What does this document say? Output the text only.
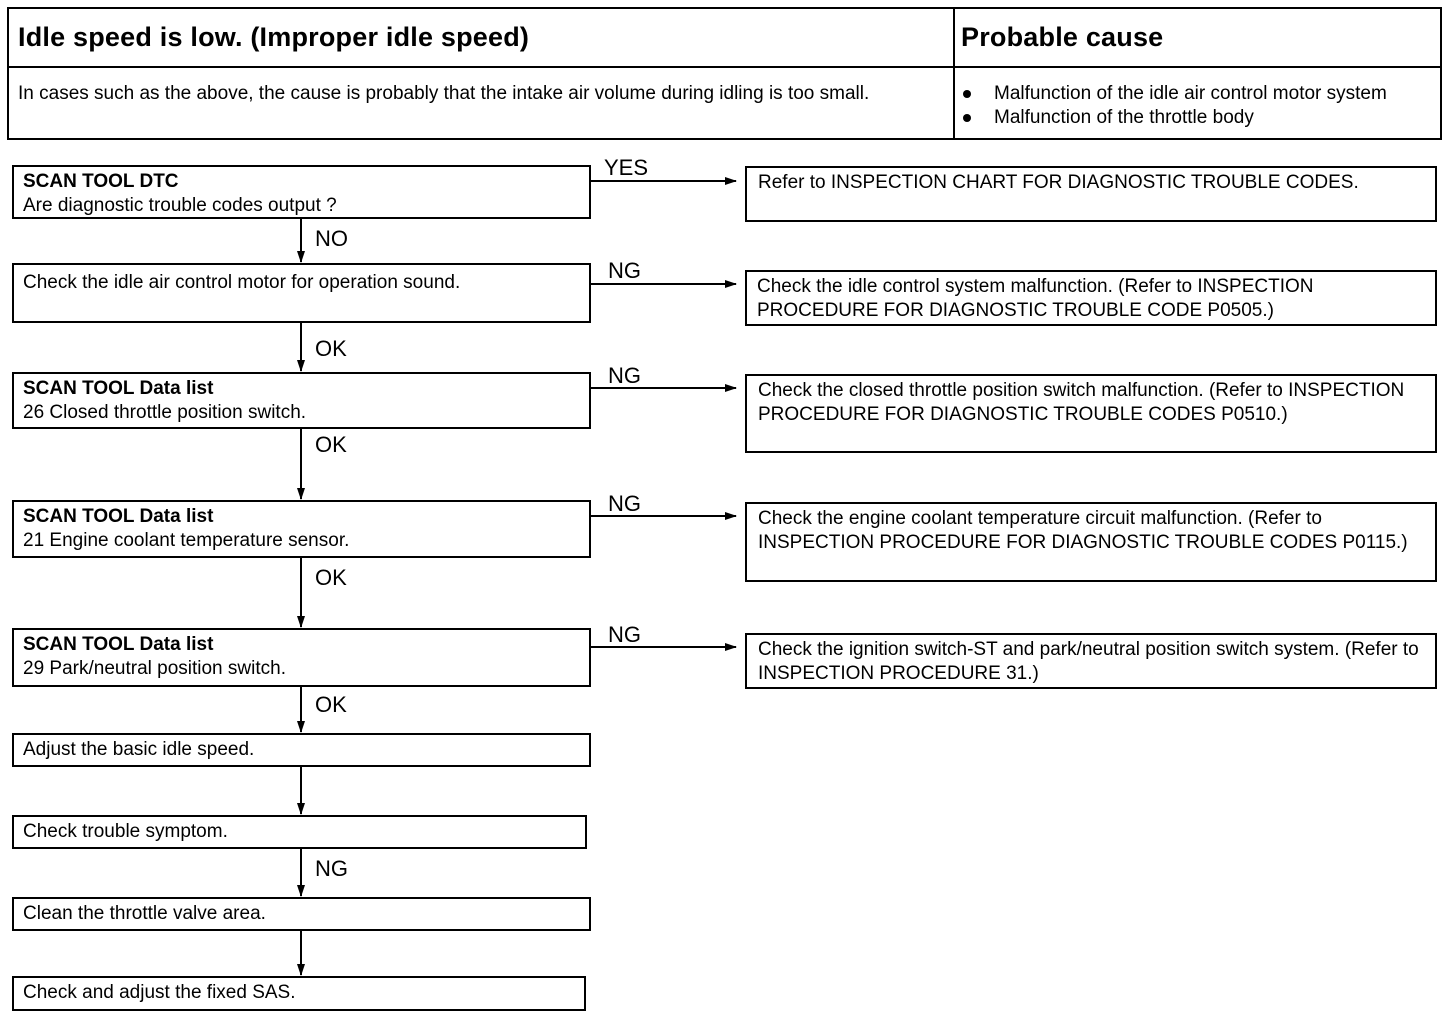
Idle speed is low. (Improper idle speed)	Probable cause
In cases such as the above, the cause is probably that the intake air volume during idling is too small.	Malfunction of the idle air control motor system
Malfunction of the throttle body
SCAN TOOL DTC
Are diagnostic trouble codes output ?
Check the idle air control motor for operation sound.
SCAN TOOL Data list
26 Closed throttle position switch.
SCAN TOOL Data list
21 Engine coolant temperature sensor.
SCAN TOOL Data list
29 Park/neutral position switch.
Adjust the basic idle speed.
Check trouble symptom.
Clean the throttle valve area.
Check and adjust the fixed SAS.
Refer to INSPECTION CHART FOR DIAGNOSTIC TROUBLE CODES.
Check the idle control system malfunction. (Refer to INSPECTION PROCEDURE FOR DIAGNOSTIC TROUBLE CODE P0505.)
Check the closed throttle position switch malfunction. (Refer to INSPECTION PROCEDURE FOR DIAGNOSTIC TROUBLE CODES P0510.)
Check the engine coolant temperature circuit malfunction. (Refer to INSPECTION PROCEDURE FOR DIAGNOSTIC TROUBLE CODES P0115.)
Check the ignition switch-ST and park/neutral position switch system. (Refer to INSPECTION PROCEDURE 31.)
YES
NG
NG
NG
NG
NO
OK
OK
OK
OK
NG
